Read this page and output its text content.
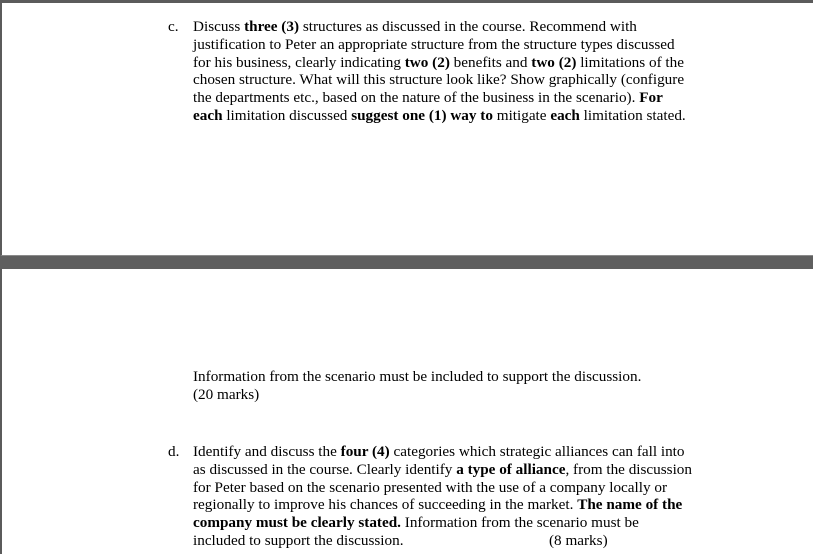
c. Discuss three (3) structures as discussed in the course. Recommend with
justification to Peter an appropriate structure from the structure types discussed
for his business, clearly indicating two (2) benefits and two (2) limitations of the
chosen structure. What will this structure look like? Show graphically (configure
the departments etc., based on the nature of the business in the scenario). For
each limitation discussed suggest one (1) way to mitigate each limitation stated.
Information from the scenario must be included to support the discussion.
(20 marks)
d. Identify and discuss the four (4) categories which strategic alliances can fall into
as discussed in the course. Clearly identify a type of alliance, from the discussion
for Peter based on the scenario presented with the use of a company locally or
regionally to improve his chances of succeeding in the market. The name of the
company must be clearly stated. Information from the scenario must be
included to support the discussion.	(8 marks)
